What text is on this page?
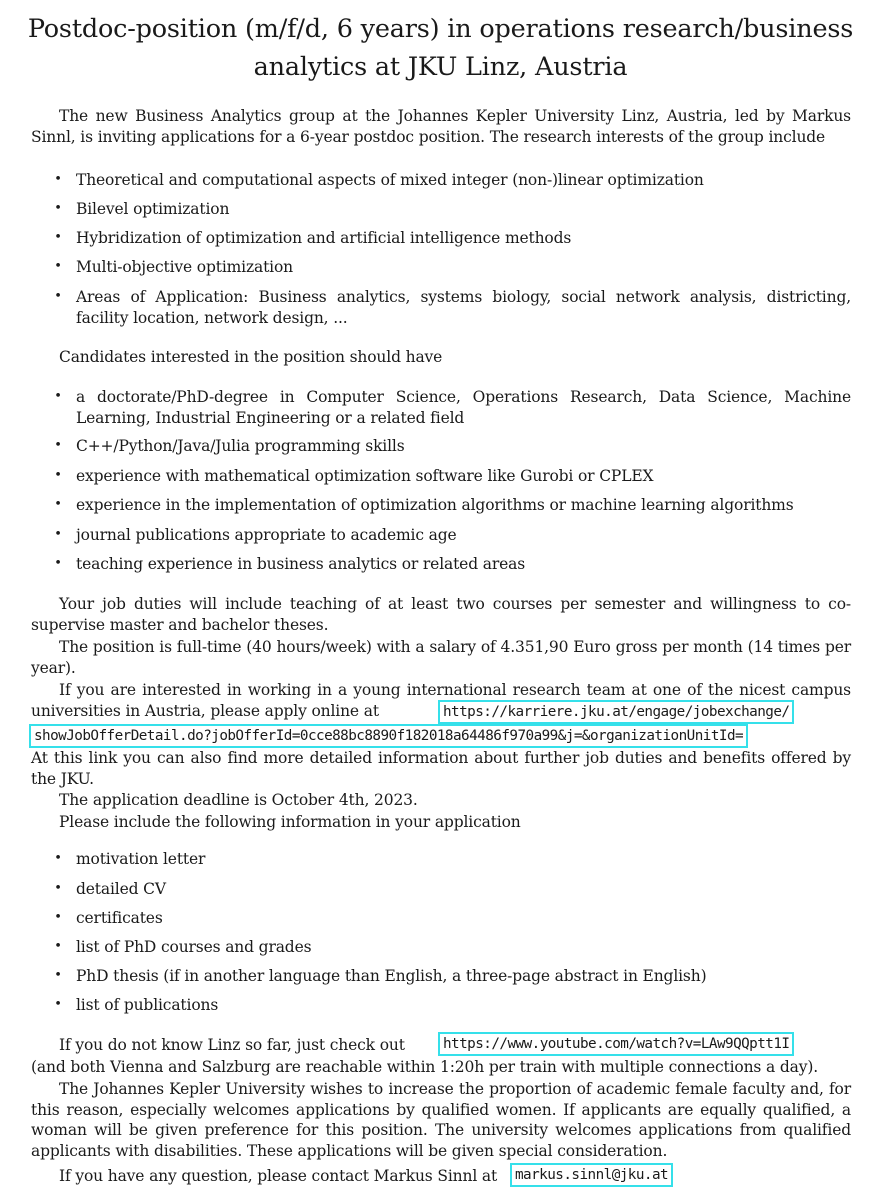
Postdoc-position (m/f/d, 6 years) in operations research/business
analytics at JKU Linz, Austria
The new Business Analytics group at the Johannes Kepler University Linz, Austria, led by Markus Sinnl, is inviting applications for a 6-year postdoc position. The research interests of the group include
• Theoretical and computational aspects of mixed integer (non-)linear optimization
• Bilevel optimization
• Hybridization of optimization and artificial intelligence methods
• Multi-objective optimization
• Areas of Application: Business analytics, systems biology, social network analysis, districting, facility location, network design, ...
Candidates interested in the position should have
• a doctorate/PhD-degree in Computer Science, Operations Research, Data Science, Machine Learning, Industrial Engineering or a related field
• C++/Python/Java/Julia programming skills
• experience with mathematical optimization software like Gurobi or CPLEX
• experience in the implementation of optimization algorithms or machine learning algorithms
• journal publications appropriate to academic age
• teaching experience in business analytics or related areas
Your job duties will include teaching of at least two courses per semester and willingness to co-supervise master and bachelor theses.
The position is full-time (40 hours/week) with a salary of 4.351,90 Euro gross per month (14 times per year).
If you are interested in working in a young international research team at one of the nicest campus universities in Austria, please apply online at	https://karriere.jku.at/engage/jobexchange/
showJobOfferDetail.do?jobOfferId=0cce88bc8890f182018a64486f970a99&j=&organizationUnitId=
At this link you can also find more detailed information about further job duties and benefits offered by the JKU.
The application deadline is October 4th, 2023.
Please include the following information in your application
• motivation letter
• detailed CV
• certificates
• list of PhD courses and grades
• PhD thesis (if in another language than English, a three-page abstract in English)
• list of publications
If you do not know Linz so far, just check out	https://www.youtube.com/watch?v=LAw9QQptt1I
(and both Vienna and Salzburg are reachable within 1:20h per train with multiple connections a day).
The Johannes Kepler University wishes to increase the proportion of academic female faculty and, for this reason, especially welcomes applications by qualified women. If applicants are equally qualified, a woman will be given preference for this position. The university welcomes applications from qualified applicants with disabilities. These applications will be given special consideration.
If you have any question, please contact Markus Sinnl at	markus.sinnl@jku.at
